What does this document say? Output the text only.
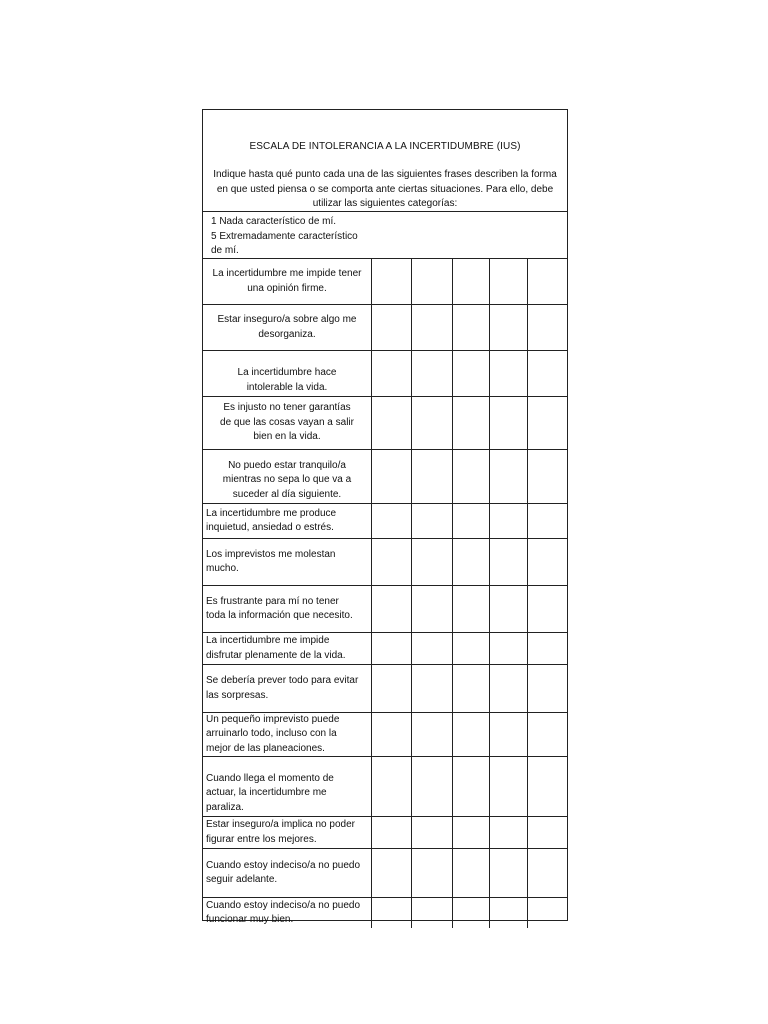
ESCALA DE INTOLERANCIA A LA INCERTIDUMBRE (IUS)
Indique hasta qué punto cada una de las siguientes frases describen la forma
en que usted piensa o se comporta ante ciertas situaciones. Para ello, debe
utilizar las siguientes categorías:
1 Nada característico de mí.
5 Extremadamente característico
de mí.
La incertidumbre me impide tener
una opinión firme.
Estar inseguro/a sobre algo me
desorganiza.
La incertidumbre hace
intolerable la vida.
Es injusto no tener garantías
de que las cosas vayan a salir
bien en la vida.
No puedo estar tranquilo/a
mientras no sepa lo que va a
suceder al día siguiente.
La incertidumbre me produce
inquietud, ansiedad o estrés.
Los imprevistos me molestan
mucho.
Es frustrante para mí no tener
toda la información que necesito.
La incertidumbre me impide
disfrutar plenamente de la vida.
Se debería prever todo para evitar
las sorpresas.
Un pequeño imprevisto puede
arruinarlo todo, incluso con la
mejor de las planeaciones.
Cuando llega el momento de
actuar, la incertidumbre me
paraliza.
Estar inseguro/a implica no poder
figurar entre los mejores.
Cuando estoy indeciso/a no puedo
seguir adelante.
Cuando estoy indeciso/a no puedo
funcionar muy bien.
